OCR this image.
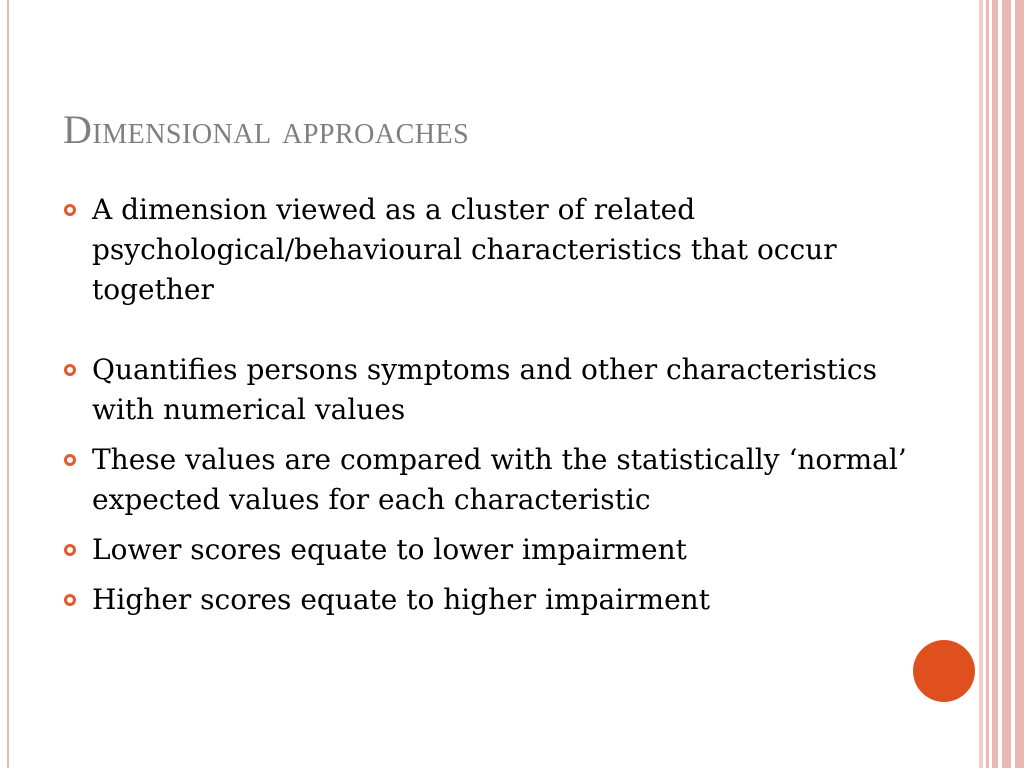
Dimensional approaches
A dimension viewed as a cluster of related psychological/behavioural characteristics that occur together
Quantifies persons symptoms and other characteristics with numerical values
These values are compared with the statistically ‘normal’ expected values for each characteristic
Lower scores equate to lower impairment
Higher scores equate to higher impairment
